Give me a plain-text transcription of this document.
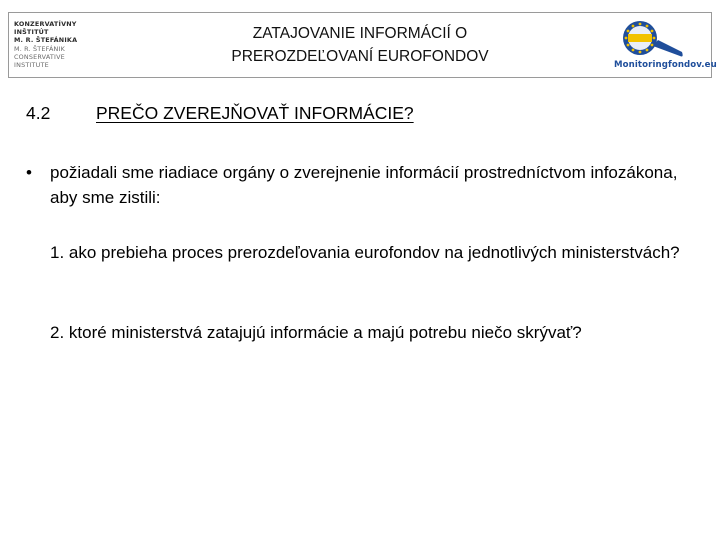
KONZERVATÍVNY
INŠTITÚT
M. R. ŠTEFÁNIKA
M. R. ŠTEFÁNIK
CONSERVATIVE
INSTITUTE
ZATAJOVANIE INFORMÁCIÍ O
PREROZDEĽOVANÍ EUROFONDOV	Monitoringfondov.eu
4.2	PREČO ZVEREJŇOVAŤ INFORMÁCIE?
• požiadali sme riadiace orgány o zverejnenie informácií prostredníctvom infozákona, aby sme zistili:
1. ako prebieha proces prerozdeľovania eurofondov na jednotlivých ministerstvách?
2. ktoré ministerstvá zatajujú informácie a majú potrebu niečo skrývať?
